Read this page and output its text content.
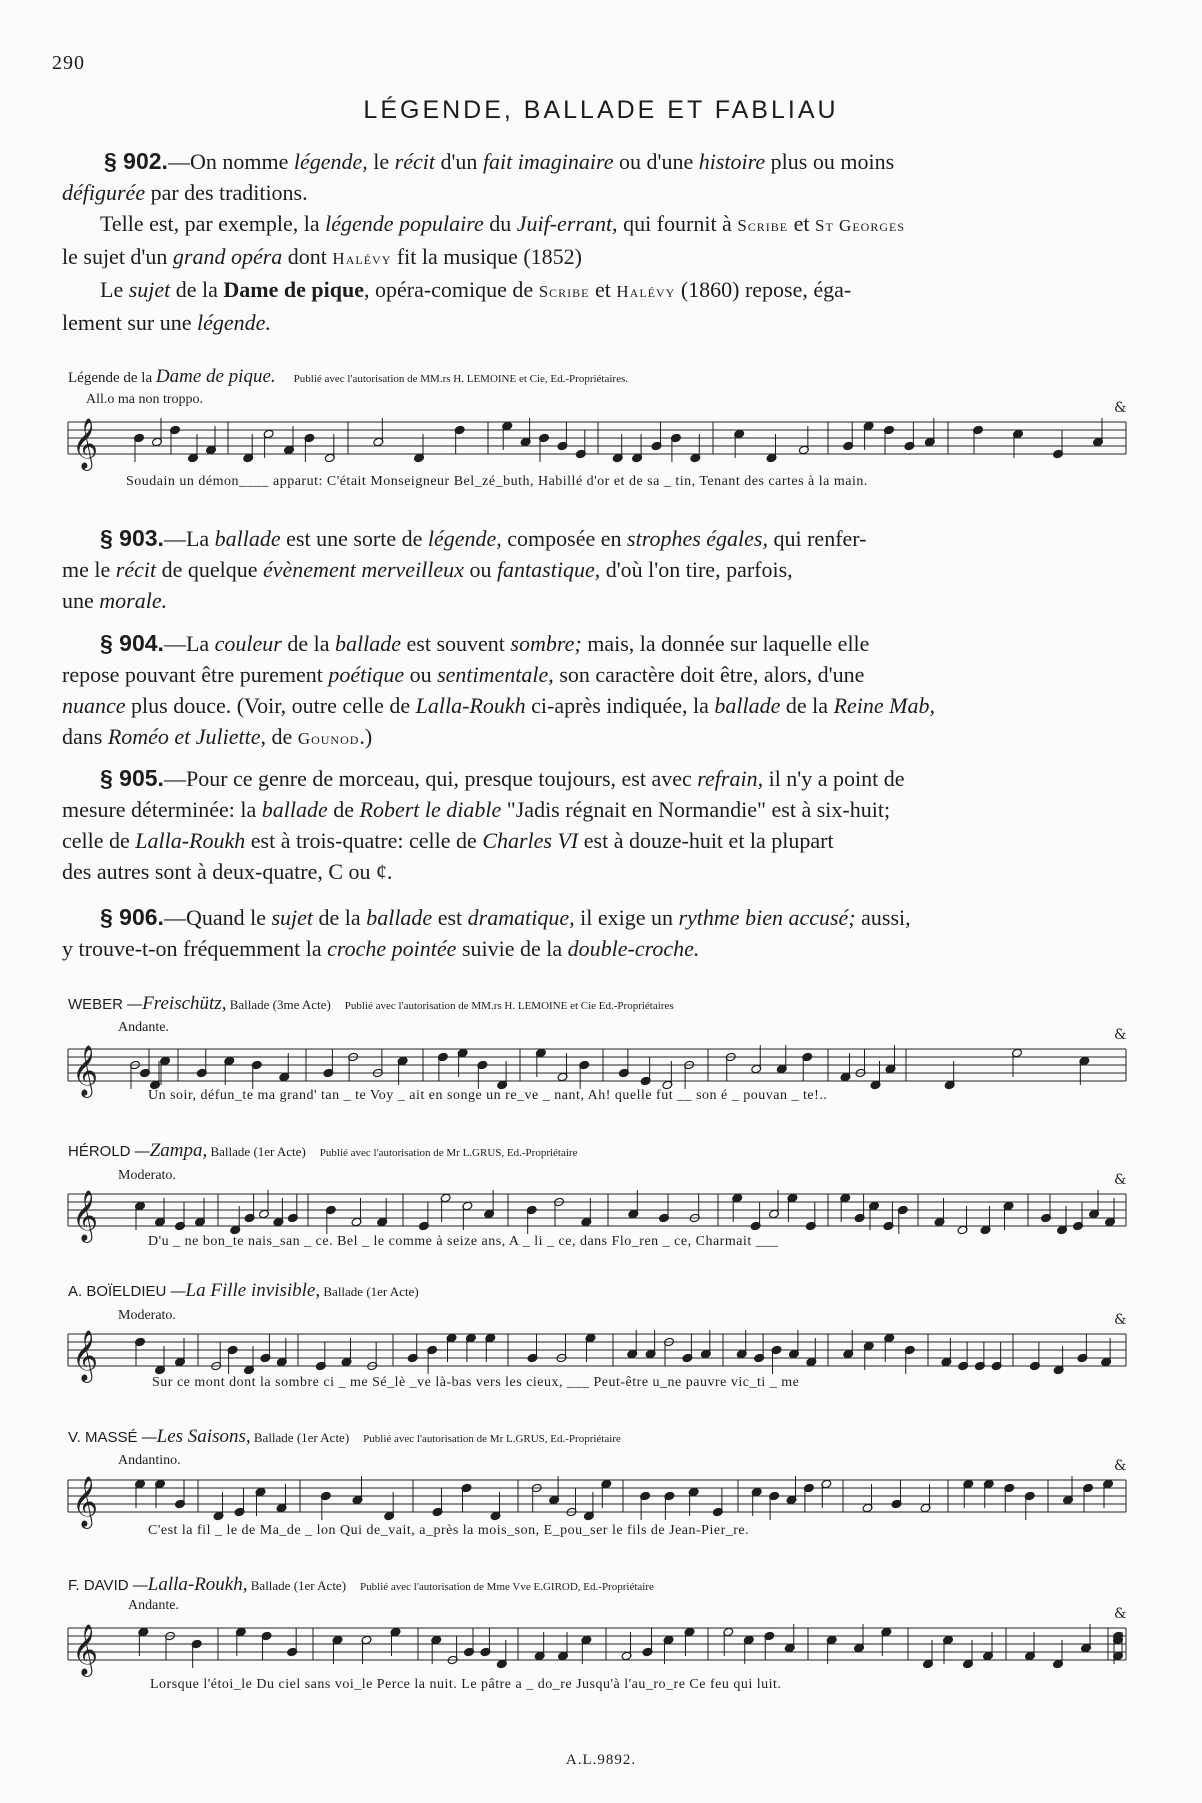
290
LÉGENDE, BALLADE ET FABLIAU

§ 902.—On nomme légende, le récit d'un fait imaginaire ou d'une histoire plus ou moins

défigurée par des traditions.

Telle est, par exemple, la légende populaire du Juif-errant, qui fournit à Scribe et St Georges

le sujet d'un grand opéra dont Halévy fit la musique (1852)

Le sujet de la Dame de pique, opéra-comique de Scribe et Halévy (1860) repose, éga-

lement sur une légende.

Légende de la Dame de pique. Publié avec l'autorisation de MM.rs H. LEMOINE et Cie, Ed.-Propriétaires.
All.o ma non troppo.
𝄞
&
Soudain un démon____ apparut: C'était Monseigneur Bel_zé_buth, Habillé d'or et de sa _ tin, Tenant des cartes à la main.

§ 903.—La ballade est une sorte de légende, composée en strophes égales, qui renfer-

me le récit de quelque évènement merveilleux ou fantastique, d'où l'on tire, parfois,

une morale.

§ 904.—La couleur de la ballade est souvent sombre; mais, la donnée sur laquelle elle

repose pouvant être purement poétique ou sentimentale, son caractère doit être, alors, d'une

nuance plus douce. (Voir, outre celle de Lalla-Roukh ci-après indiquée, la ballade de la Reine Mab,

dans Roméo et Juliette, de Gounod.)

§ 905.—Pour ce genre de morceau, qui, presque toujours, est avec refrain, il n'y a point de

mesure déterminée: la ballade de Robert le diable "Jadis régnait en Normandie" est à six-huit;

celle de Lalla-Roukh est à trois-quatre: celle de Charles VI est à douze-huit et la plupart

des autres sont à deux-quatre, C ou ¢.

§ 906.—Quand le sujet de la ballade est dramatique, il exige un rythme bien accusé; aussi,

y trouve-t-on fréquemment la croche pointée suivie de la double-croche.

WEBER —Freischütz, Ballade (3me Acte) Publié avec l'autorisation de MM.rs H. LEMOINE et Cie Ed.-Propriétaires
Andante.
𝄞
&
Un soir, défun_te ma grand' tan _ te Voy _ ait en songe un re_ve _ nant, Ah! quelle fut __ son é _ pouvan _ te!..
HÉROLD —Zampa, Ballade (1er Acte) Publié avec l'autorisation de Mr L.GRUS, Ed.-Propriétaire
Moderato.
𝄞
&
D'u _ ne bon_te nais_san _ ce. Bel _ le comme à seize ans, A _ li _ ce, dans Flo_ren _ ce, Charmait ___
A. BOÏELDIEU —La Fille invisible, Ballade (1er Acte)
Moderato.
𝄞
&
Sur ce mont dont la sombre ci _ me Sé_lè _ve là-bas vers les cieux, ___ Peut-être u_ne pauvre vic_ti _ me
V. MASSÉ —Les Saisons, Ballade (1er Acte) Publié avec l'autorisation de Mr L.GRUS, Ed.-Propriétaire
Andantino.
𝄞
&
C'est la fil _ le de Ma_de _ lon Qui de_vait, a_près la mois_son, E_pou_ser le fils de Jean-Pier_re.
F. DAVID —Lalla-Roukh, Ballade (1er Acte) Publié avec l'autorisation de Mme Vve E.GIROD, Ed.-Propriétaire
Andante.
𝄞
&
Lorsque l'étoi_le Du ciel sans voi_le Perce la nuit. Le pâtre a _ do_re Jusqu'à l'au_ro_re Ce feu qui luit.
A.L.9892.
